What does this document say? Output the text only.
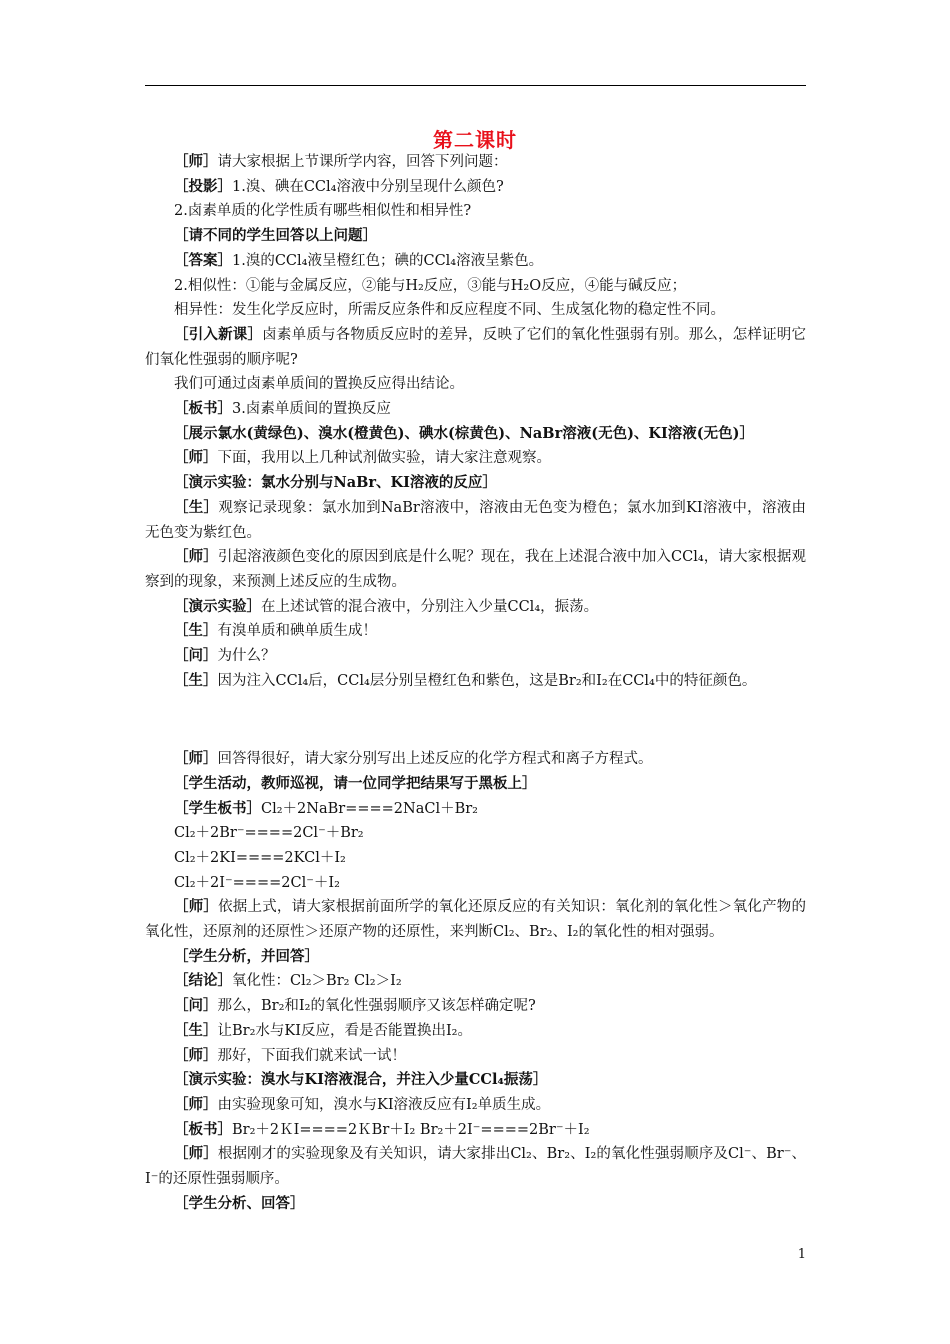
第二课时

［师］请大家根据上节课所学内容，回答下列问题：

［投影］1.溴、碘在CCl₄溶液中分别呈现什么颜色?

2.卤素单质的化学性质有哪些相似性和相异性?

［请不同的学生回答以上问题］

［答案］1.溴的CCl₄液呈橙红色；碘的CCl₄溶液呈紫色。

2.相似性：①能与金属反应，②能与H₂反应，③能与H₂O反应，④能与碱反应；

相异性：发生化学反应时，所需反应条件和反应程度不同、生成氢化物的稳定性不同。

［引入新课］卤素单质与各物质反应时的差异，反映了它们的氧化性强弱有别。那么，怎样证明它们氧化性强弱的顺序呢?

我们可通过卤素单质间的置换反应得出结论。

［板书］3.卤素单质间的置换反应

［展示氯水(黄绿色)、溴水(橙黄色)、碘水(棕黄色)、NaBr溶液(无色)、KI溶液(无色)］

［师］下面，我用以上几种试剂做实验，请大家注意观察。

［演示实验：氯水分别与NaBr、KI溶液的反应］

［生］观察记录现象：氯水加到NaBr溶液中，溶液由无色变为橙色；氯水加到KI溶液中，溶液由无色变为紫红色。

［师］引起溶液颜色变化的原因到底是什么呢？现在，我在上述混合液中加入CCl₄，请大家根据观察到的现象，来预测上述反应的生成物。

［演示实验］在上述试管的混合液中，分别注入少量CCl₄，振荡。

［生］有溴单质和碘单质生成！

［问］为什么？

［生］因为注入CCl₄后，CCl₄层分别呈橙红色和紫色，这是Br₂和I₂在CCl₄中的特征颜色。

［师］回答得很好，请大家分别写出上述反应的化学方程式和离子方程式。

［学生活动，教师巡视，请一位同学把结果写于黑板上］

［学生板书］Cl₂＋2NaBr====2NaCl＋Br₂

Cl₂＋2Br⁻====2Cl⁻＋Br₂

Cl₂＋2KI====2KCl＋I₂

Cl₂＋2I⁻====2Cl⁻＋I₂

［师］依据上式，请大家根据前面所学的氧化还原反应的有关知识：氧化剂的氧化性＞氧化产物的氧化性，还原剂的还原性＞还原产物的还原性，来判断Cl₂、Br₂、I₂的氧化性的相对强弱。

［学生分析，并回答］

［结论］氧化性：Cl₂＞Br₂ Cl₂＞I₂

［问］那么，Br₂和I₂的氧化性强弱顺序又该怎样确定呢?

［生］让Br₂水与KI反应，看是否能置换出I₂。

［师］那好，下面我们就来试一试！

［演示实验：溴水与KI溶液混合，并注入少量CCl₄振荡］

［师］由实验现象可知，溴水与KI溶液反应有I₂单质生成。

［板书］Br₂＋2ＫI====2ＫBr＋I₂ Br₂＋2I⁻====2Br⁻＋I₂

［师］根据刚才的实验现象及有关知识，请大家排出Cl₂、Br₂、I₂的氧化性强弱顺序及Cl⁻、Br⁻、I⁻的还原性强弱顺序。

［学生分析、回答］

1
